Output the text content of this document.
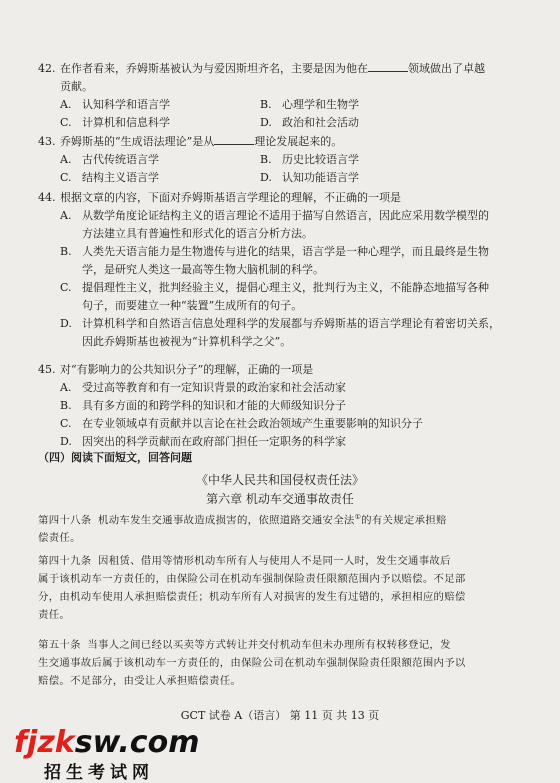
42. 在作者看来，乔姆斯基被认为与爱因斯坦齐名，主要是因为他在	领域做出了卓越
贡献。
A. 认知科学和语言学	B. 心理学和生物学
C. 计算机和信息科学	D. 政治和社会活动
43. 乔姆斯基的“生成语法理论”是从	理论发展起来的。
A. 古代传统语言学	B. 历史比较语言学
C. 结构主义语言学	D. 认知功能语言学
44. 根据文章的内容，下面对乔姆斯基语言学理论的理解，不正确的一项是
A. 从数学角度论证结构主义的语言理论不适用于描写自然语言，因此应采用数学模型的
方法建立具有普遍性和形式化的语言分析方法。
B. 人类先天语言能力是生物遗传与进化的结果，语言学是一种心理学，而且最终是生物
学，是研究人类这一最高等生物大脑机制的科学。
C. 提倡理性主义，批判经验主义，提倡心理主义，批判行为主义，不能静态地描写各种
句子，而要建立一种“装置”生成所有的句子。
D. 计算机科学和自然语言信息处理科学的发展都与乔姆斯基的语言学理论有着密切关系，
因此乔姆斯基也被视为“计算机科学之父”。
45. 对“有影响力的公共知识分子”的理解，正确的一项是
A. 受过高等教育和有一定知识背景的政治家和社会活动家
B. 具有多方面的和跨学科的知识和才能的大师级知识分子
C. 在专业领域卓有贡献并以言论在社会政治领域产生重要影响的知识分子
D. 因突出的科学贡献而在政府部门担任一定职务的科学家
（四）阅读下面短文，回答问题
《中华人民共和国侵权责任法》
第六章 机动车交通事故责任
第四十八条 机动车发生交通事故造成损害的，依照道路交通安全法①的有关规定承担赔
偿责任。
第四十九条 因租赁、借用等情形机动车所有人与使用人不是同一人时，发生交通事故后
属于该机动车一方责任的，由保险公司在机动车强制保险责任限额范围内予以赔偿。不足部
分，由机动车使用人承担赔偿责任；机动车所有人对损害的发生有过错的，承担相应的赔偿
责任。
第五十条 当事人之间已经以买卖等方式转让并交付机动车但未办理所有权转移登记，发
生交通事故后属于该机动车一方责任的，由保险公司在机动车强制保险责任限额范围内予以
赔偿。不足部分，由受让人承担赔偿责任。
GCT 试卷 A（语言） 第 11 页 共 13 页
fjzksw.com
招生考试网
